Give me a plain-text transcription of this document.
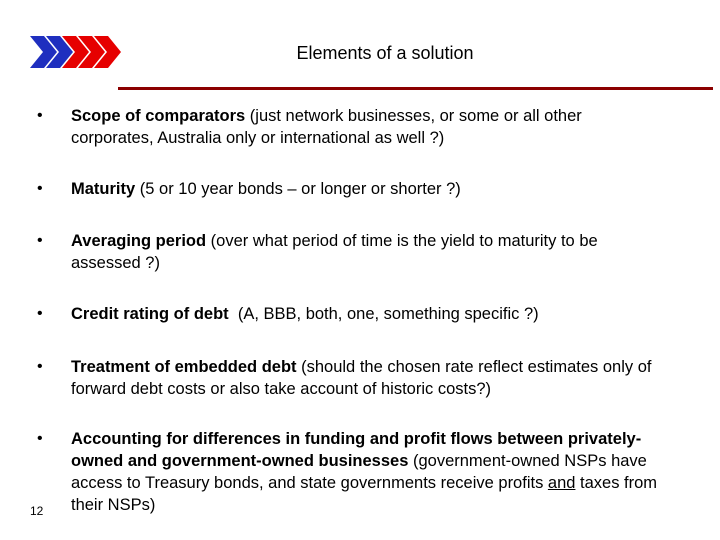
Elements of a solution
• Scope of comparators (just network businesses, or some or all other corporates, Australia only or international as well ?)
• Maturity (5 or 10 year bonds – or longer or shorter ?)
• Averaging period (over what period of time is the yield to maturity to be assessed ?)
• Credit rating of debt  (A, BBB, both, one, something specific ?)
• Treatment of embedded debt (should the chosen rate reflect estimates only of forward debt costs or also take account of historic costs?)
• Accounting for differences in funding and profit flows between privately-owned and government-owned businesses (government-owned NSPs have access to Treasury bonds, and state governments receive profits and taxes from their NSPs)
12
